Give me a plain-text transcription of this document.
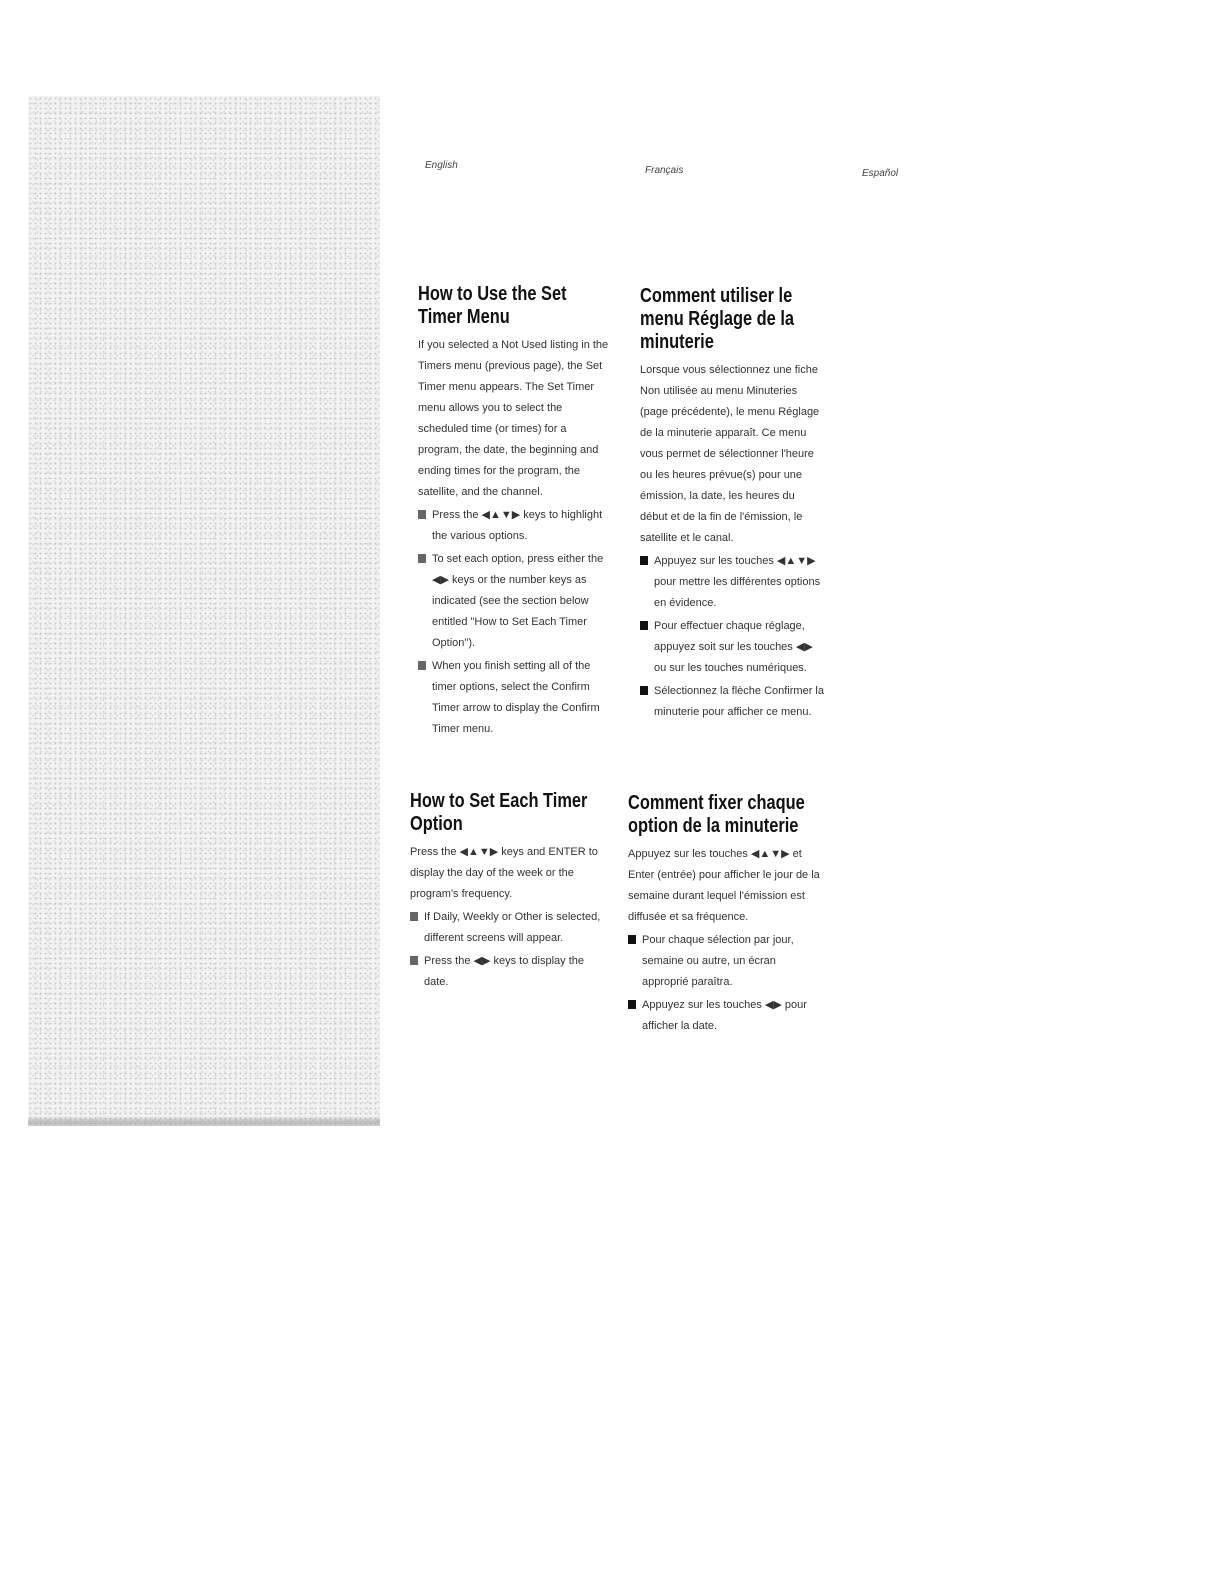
English	Français	Español
How to Use the Set Timer Menu

If you selected a Not Used listing in the Timers menu (previous page), the Set Timer menu appears. The Set Timer menu allows you to select the scheduled time (or times) for a program, the date, the beginning and ending times for the program, the satellite, and the channel.

Press the ◀▲▼▶ keys to highlight the various options.
To set each option, press either the ◀▶ keys or the number keys as indicated (see the section below entitled "How to Set Each Timer Option").
When you finish setting all of the timer options, select the Confirm Timer arrow to display the Confirm Timer menu.
How to Set Each Timer Option

Press the ◀▲▼▶ keys and ENTER to display the day of the week or the program's frequency.

If Daily, Weekly or Other is selected, different screens will appear.
Press the ◀▶ keys to display the date.
Comment utiliser le menu Réglage de la minuterie

Lorsque vous sélectionnez une fiche Non utilisée au menu Minuteries (page précédente), le menu Réglage de la minuterie apparaît. Ce menu vous permet de sélectionner l'heure ou les heures prévue(s) pour une émission, la date, les heures du début et de la fin de l'émission, le satellite et le canal.

Appuyez sur les touches ◀▲▼▶ pour mettre les différentes options en évidence.
Pour effectuer chaque réglage, appuyez soit sur les touches ◀▶ ou sur les touches numériques.
Sélectionnez la flèche Confirmer la minuterie pour afficher ce menu.
Comment fixer chaque option de la minuterie

Appuyez sur les touches ◀▲▼▶ et Enter (entrée) pour afficher le jour de la semaine durant lequel l'émission est diffusée et sa fréquence.

Pour chaque sélection par jour, semaine ou autre, un écran approprié paraîtra.
Appuyez sur les touches ◀▶ pour afficher la date.
